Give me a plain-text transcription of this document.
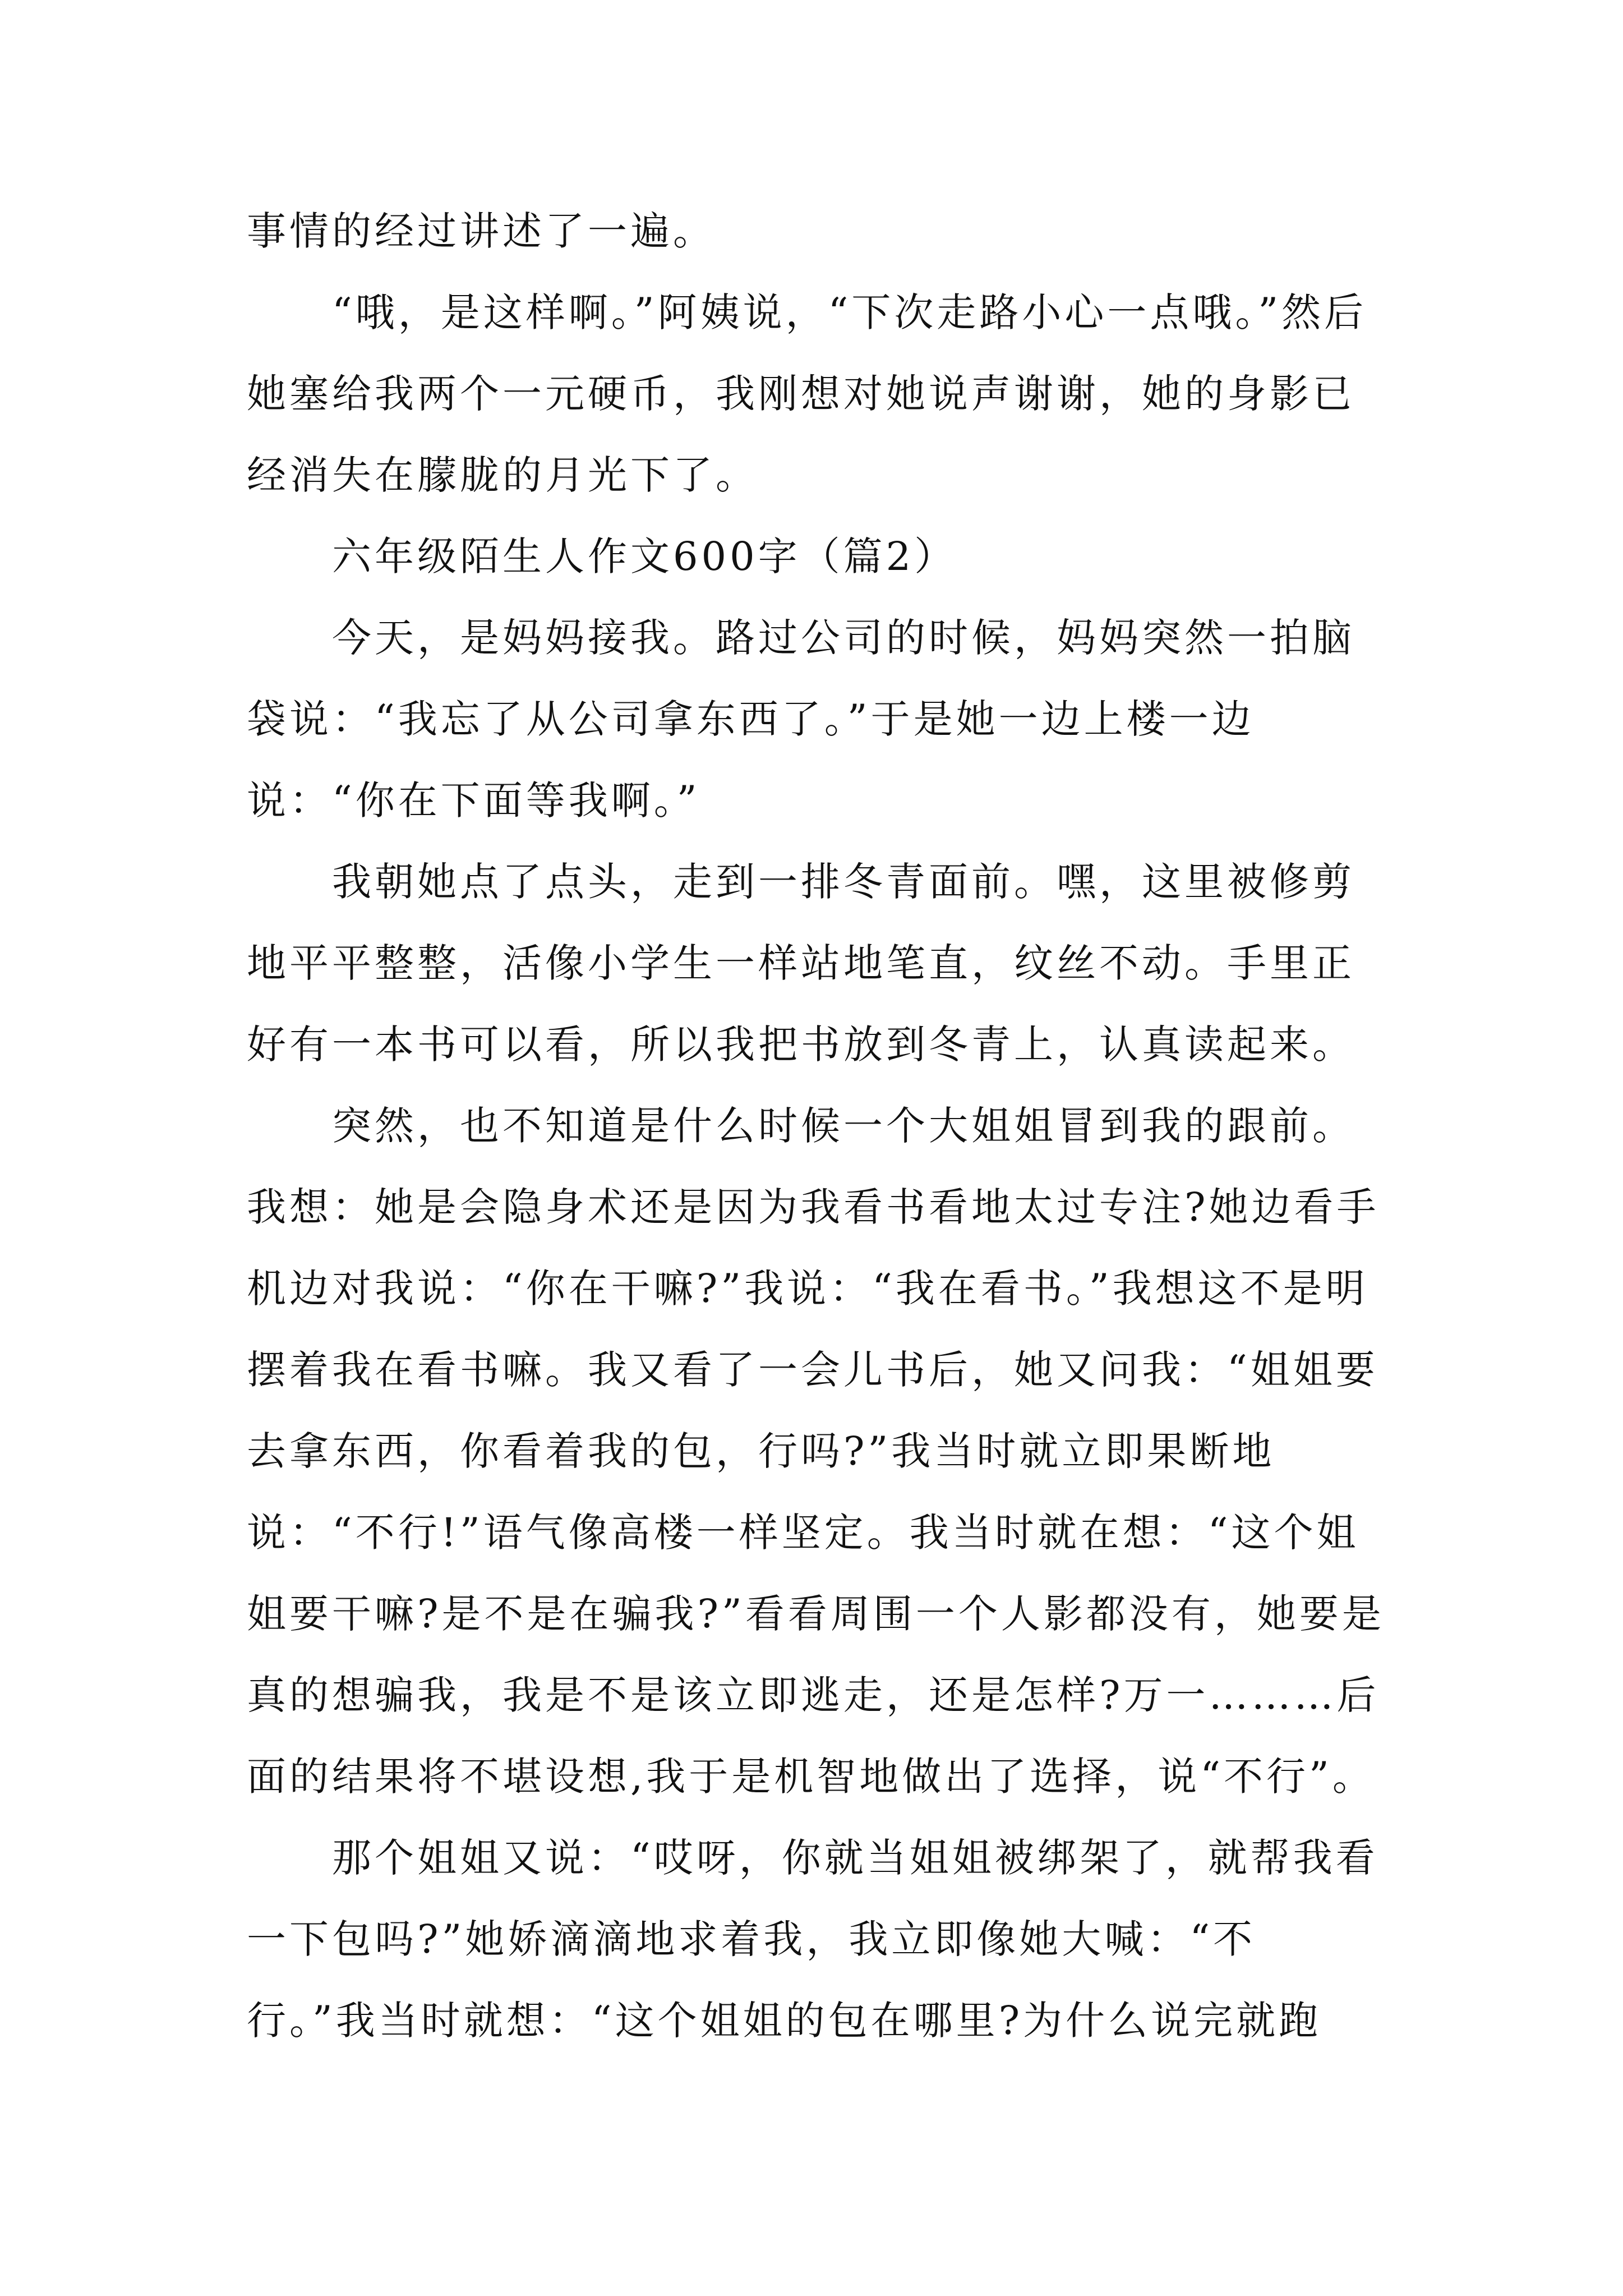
事情的经过讲述了一遍。

“哦，是这样啊。”阿姨说，“下次走路小心一点哦。”然后她塞给我两个一元硬币，我刚想对她说声谢谢，她的身影已经消失在朦胧的月光下了。

六年级陌生人作文600字（篇2）

今天，是妈妈接我。路过公司的时候，妈妈突然一拍脑袋说：“我忘了从公司拿东西了。”于是她一边上楼一边说：“你在下面等我啊。”

我朝她点了点头，走到一排冬青面前。嘿，这里被修剪地平平整整，活像小学生一样站地笔直，纹丝不动。手里正好有一本书可以看，所以我把书放到冬青上，认真读起来。

突然，也不知道是什么时候一个大姐姐冒到我的跟前。我想：她是会隐身术还是因为我看书看地太过专注?她边看手机边对我说：“你在干嘛?”我说：“我在看书。”我想这不是明摆着我在看书嘛。我又看了一会儿书后，她又问我：“姐姐要去拿东西，你看着我的包，行吗?”我当时就立即果断地说：“不行!”语气像高楼一样坚定。我当时就在想：“这个姐姐要干嘛?是不是在骗我?”看看周围一个人影都没有，她要是真的想骗我，我是不是该立即逃走，还是怎样?万一………后面的结果将不堪设想,我于是机智地做出了选择，说“不行”。

那个姐姐又说：“哎呀，你就当姐姐被绑架了，就帮我看一下包吗?”她娇滴滴地求着我，我立即像她大喊：“不行。”我当时就想：“这个姐姐的包在哪里?为什么说完就跑
